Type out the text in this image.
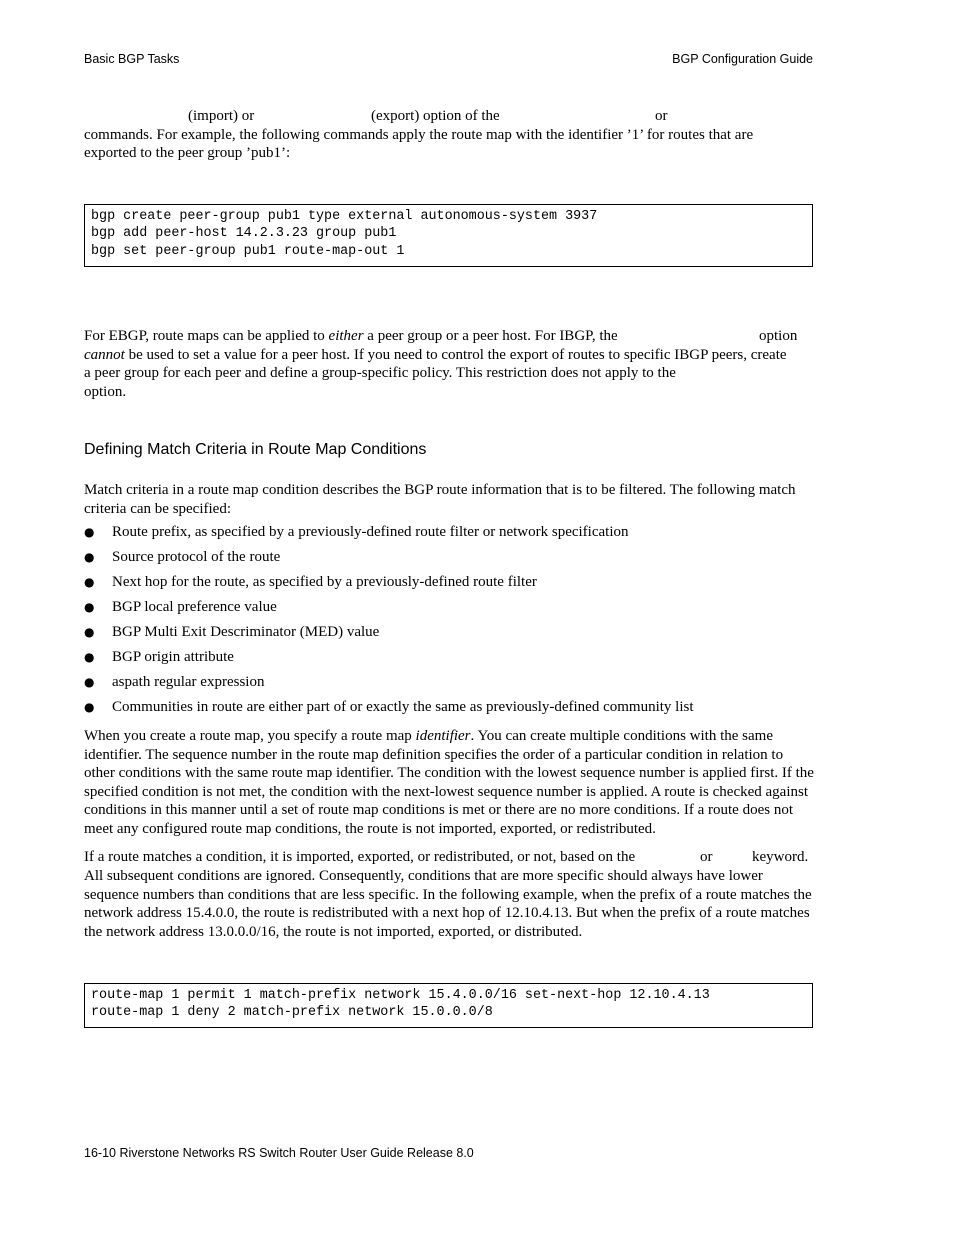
Basic BGP Tasks	BGP Configuration Guide
(import) or	(export) option of the	or
commands. For example, the following commands apply the route map with the identifier ’1’ for routes that are
exported to the peer group ’pub1’:
bgp create peer-group pub1 type external autonomous-system 3937
bgp add peer-host 14.2.3.23 group pub1
bgp set peer-group pub1 route-map-out 1
For EBGP, route maps can be applied to either a peer group or a peer host. For IBGP, the	option
cannot be used to set a value for a peer host. If you need to control the export of routes to specific IBGP peers, create
a peer group for each peer and define a group-specific policy. This restriction does not apply to the
option.
Defining Match Criteria in Route Map Conditions
Match criteria in a route map condition describes the BGP route information that is to be filtered. The following match criteria can be specified:
● Route prefix, as specified by a previously-defined route filter or network specification
● Source protocol of the route
● Next hop for the route, as specified by a previously-defined route filter
● BGP local preference value
● BGP Multi Exit Descriminator (MED) value
● BGP origin attribute
● aspath regular expression
● Communities in route are either part of or exactly the same as previously-defined community list
When you create a route map, you specify a route map identifier. You can create multiple conditions with the same identifier. The sequence number in the route map definition specifies the order of a particular condition in relation to other conditions with the same route map identifier. The condition with the lowest sequence number is applied first. If the specified condition is not met, the condition with the next-lowest sequence number is applied. A route is checked against conditions in this manner until a set of route map conditions is met or there are no more conditions. If a route does not meet any configured route map conditions, the route is not imported, exported, or redistributed.
If a route matches a condition, it is imported, exported, or redistributed, or not, based on the	or	keyword.
All subsequent conditions are ignored. Consequently, conditions that are more specific should always have lower sequence numbers than conditions that are less specific. In the following example, when the prefix of a route matches the network address 15.4.0.0, the route is redistributed with a next hop of 12.10.4.13. But when the prefix of a route matches the network address 13.0.0.0/16, the route is not imported, exported, or distributed.
route-map 1 permit 1 match-prefix network 15.4.0.0/16 set-next-hop 12.10.4.13
route-map 1 deny 2 match-prefix network 15.0.0.0/8
16-10 Riverstone Networks RS Switch Router User Guide Release 8.0
